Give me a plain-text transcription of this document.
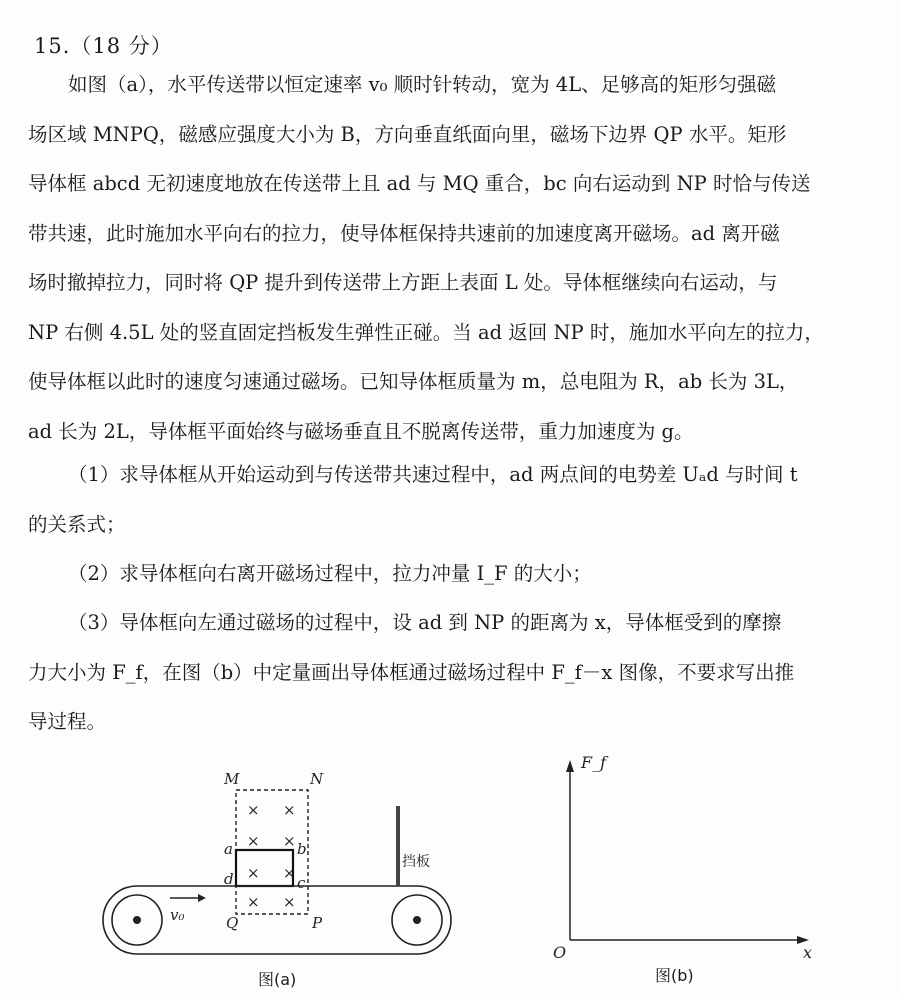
15.（18 分）
如图（a），水平传送带以恒定速率 v₀ 顺时针转动，宽为 4L、足够高的矩形匀强磁
场区域 MNPQ，磁感应强度大小为 B，方向垂直纸面向里，磁场下边界 QP 水平。矩形
导体框 abcd 无初速度地放在传送带上且 ad 与 MQ 重合，bc 向右运动到 NP 时恰与传送
带共速，此时施加水平向右的拉力，使导体框保持共速前的加速度离开磁场。ad 离开磁
场时撤掉拉力，同时将 QP 提升到传送带上方距上表面 L 处。导体框继续向右运动，与
NP 右侧 4.5L 处的竖直固定挡板发生弹性正碰。当 ad 返回 NP 时，施加水平向左的拉力，
使导体框以此时的速度匀速通过磁场。已知导体框质量为 m，总电阻为 R，ab 长为 3L，
ad 长为 2L，导体框平面始终与磁场垂直且不脱离传送带，重力加速度为 g。
（1）求导体框从开始运动到与传送带共速过程中，ad 两点间的电势差 Uₐd 与时间 t
的关系式；
（2）求导体框向右离开磁场过程中，拉力冲量 I_F 的大小；
（3）导体框向左通过磁场的过程中，设 ad 到 NP 的距离为 x，导体框受到的摩擦
力大小为 F_f，在图（b）中定量画出导体框通过磁场过程中 F_f－x 图像，不要求写出推
导过程。
× ×
× ×
× ×
× ×
M	N
a	b
c
d
Q	P
v₀
挡板
图(a)
F_f
x
O
图(b)
